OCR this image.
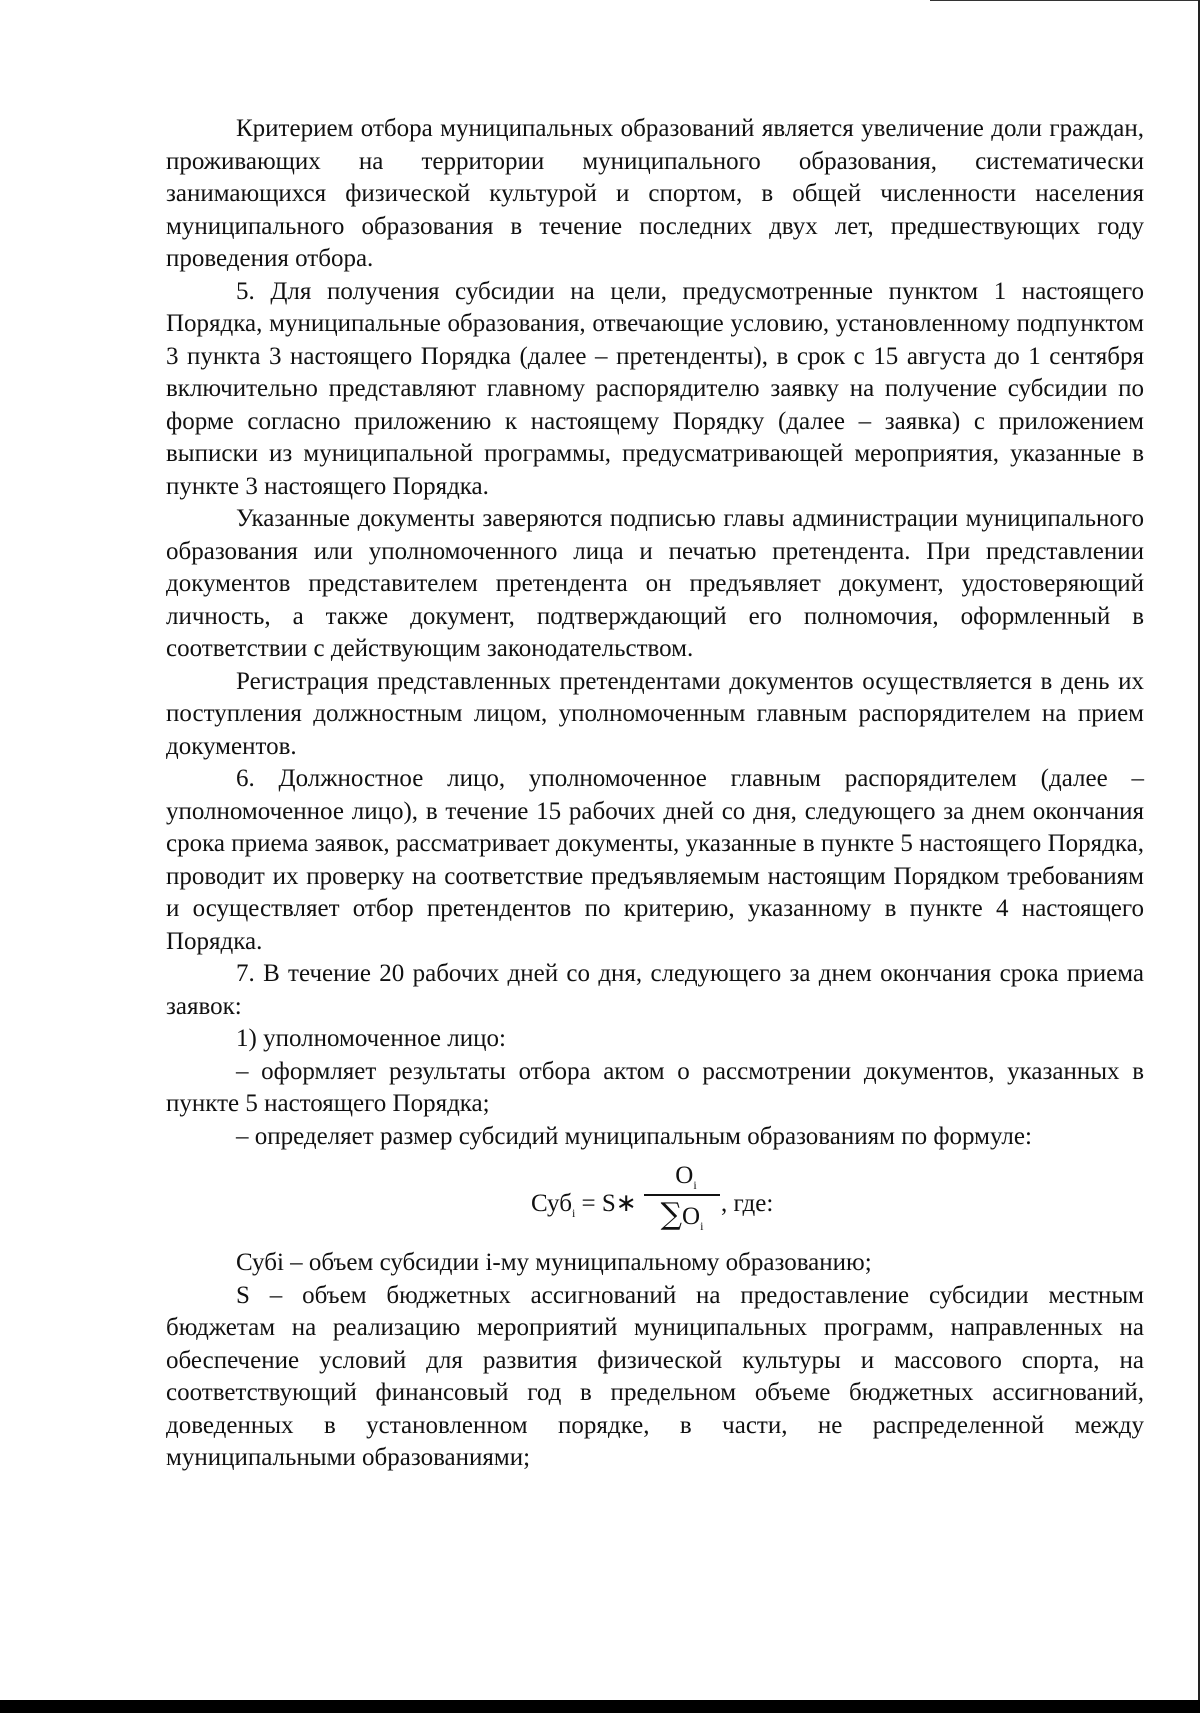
Критерием отбора муниципальных образований является увеличение доли граждан, проживающих на территории муниципального образования, систематически занимающихся физической культурой и спортом, в общей численности населения муниципального образования в течение последних двух лет, предшествующих году проведения отбора.

5. Для получения субсидии на цели, предусмотренные пунктом 1 настоящего Порядка, муниципальные образования, отвечающие условию, установленному подпунктом 3 пункта 3 настоящего Порядка (далее – претенденты), в срок с 15 августа до 1 сентября включительно представляют главному распорядителю заявку на получение субсидии по форме согласно приложению к настоящему Порядку (далее – заявка) с приложением выписки из муниципальной программы, предусматривающей мероприятия, указанные в пункте 3 настоящего Порядка.

Указанные документы заверяются подписью главы администрации муниципального образования или уполномоченного лица и печатью претендента. При представлении документов представителем претендента он предъявляет документ, удостоверяющий личность, а также документ, подтверждающий его полномочия, оформленный в соответствии с действующим законодательством.

Регистрация представленных претендентами документов осуществляется в день их поступления должностным лицом, уполномоченным главным распорядителем на прием документов.

6. Должностное лицо, уполномоченное главным распорядителем (далее – уполномоченное лицо), в течение 15 рабочих дней со дня, следующего за днем окончания срока приема заявок, рассматривает документы, указанные в пункте 5 настоящего Порядка, проводит их проверку на соответствие предъявляемым настоящим Порядком требованиям и осуществляет отбор претендентов по критерию, указанному в пункте 4 настоящего Порядка.

7. В течение 20 рабочих дней со дня, следующего за днем окончания срока приема заявок:

1) уполномоченное лицо:

– оформляет результаты отбора актом о рассмотрении документов, указанных в пункте 5 настоящего Порядка;

– определяет размер субсидий муниципальным образованиям по формуле:

Суб$_i$ = S∗
$O_i$
$\sum O_i$
, где:

Субi – объем субсидии i-му муниципальному образованию;

S – объем бюджетных ассигнований на предоставление субсидии местным бюджетам на реализацию мероприятий муниципальных программ, направленных на обеспечение условий для развития физической культуры и массового спорта, на соответствующий финансовый год в предельном объеме бюджетных ассигнований, доведенных в установленном порядке, в части, не распределенной между муниципальными образованиями;
